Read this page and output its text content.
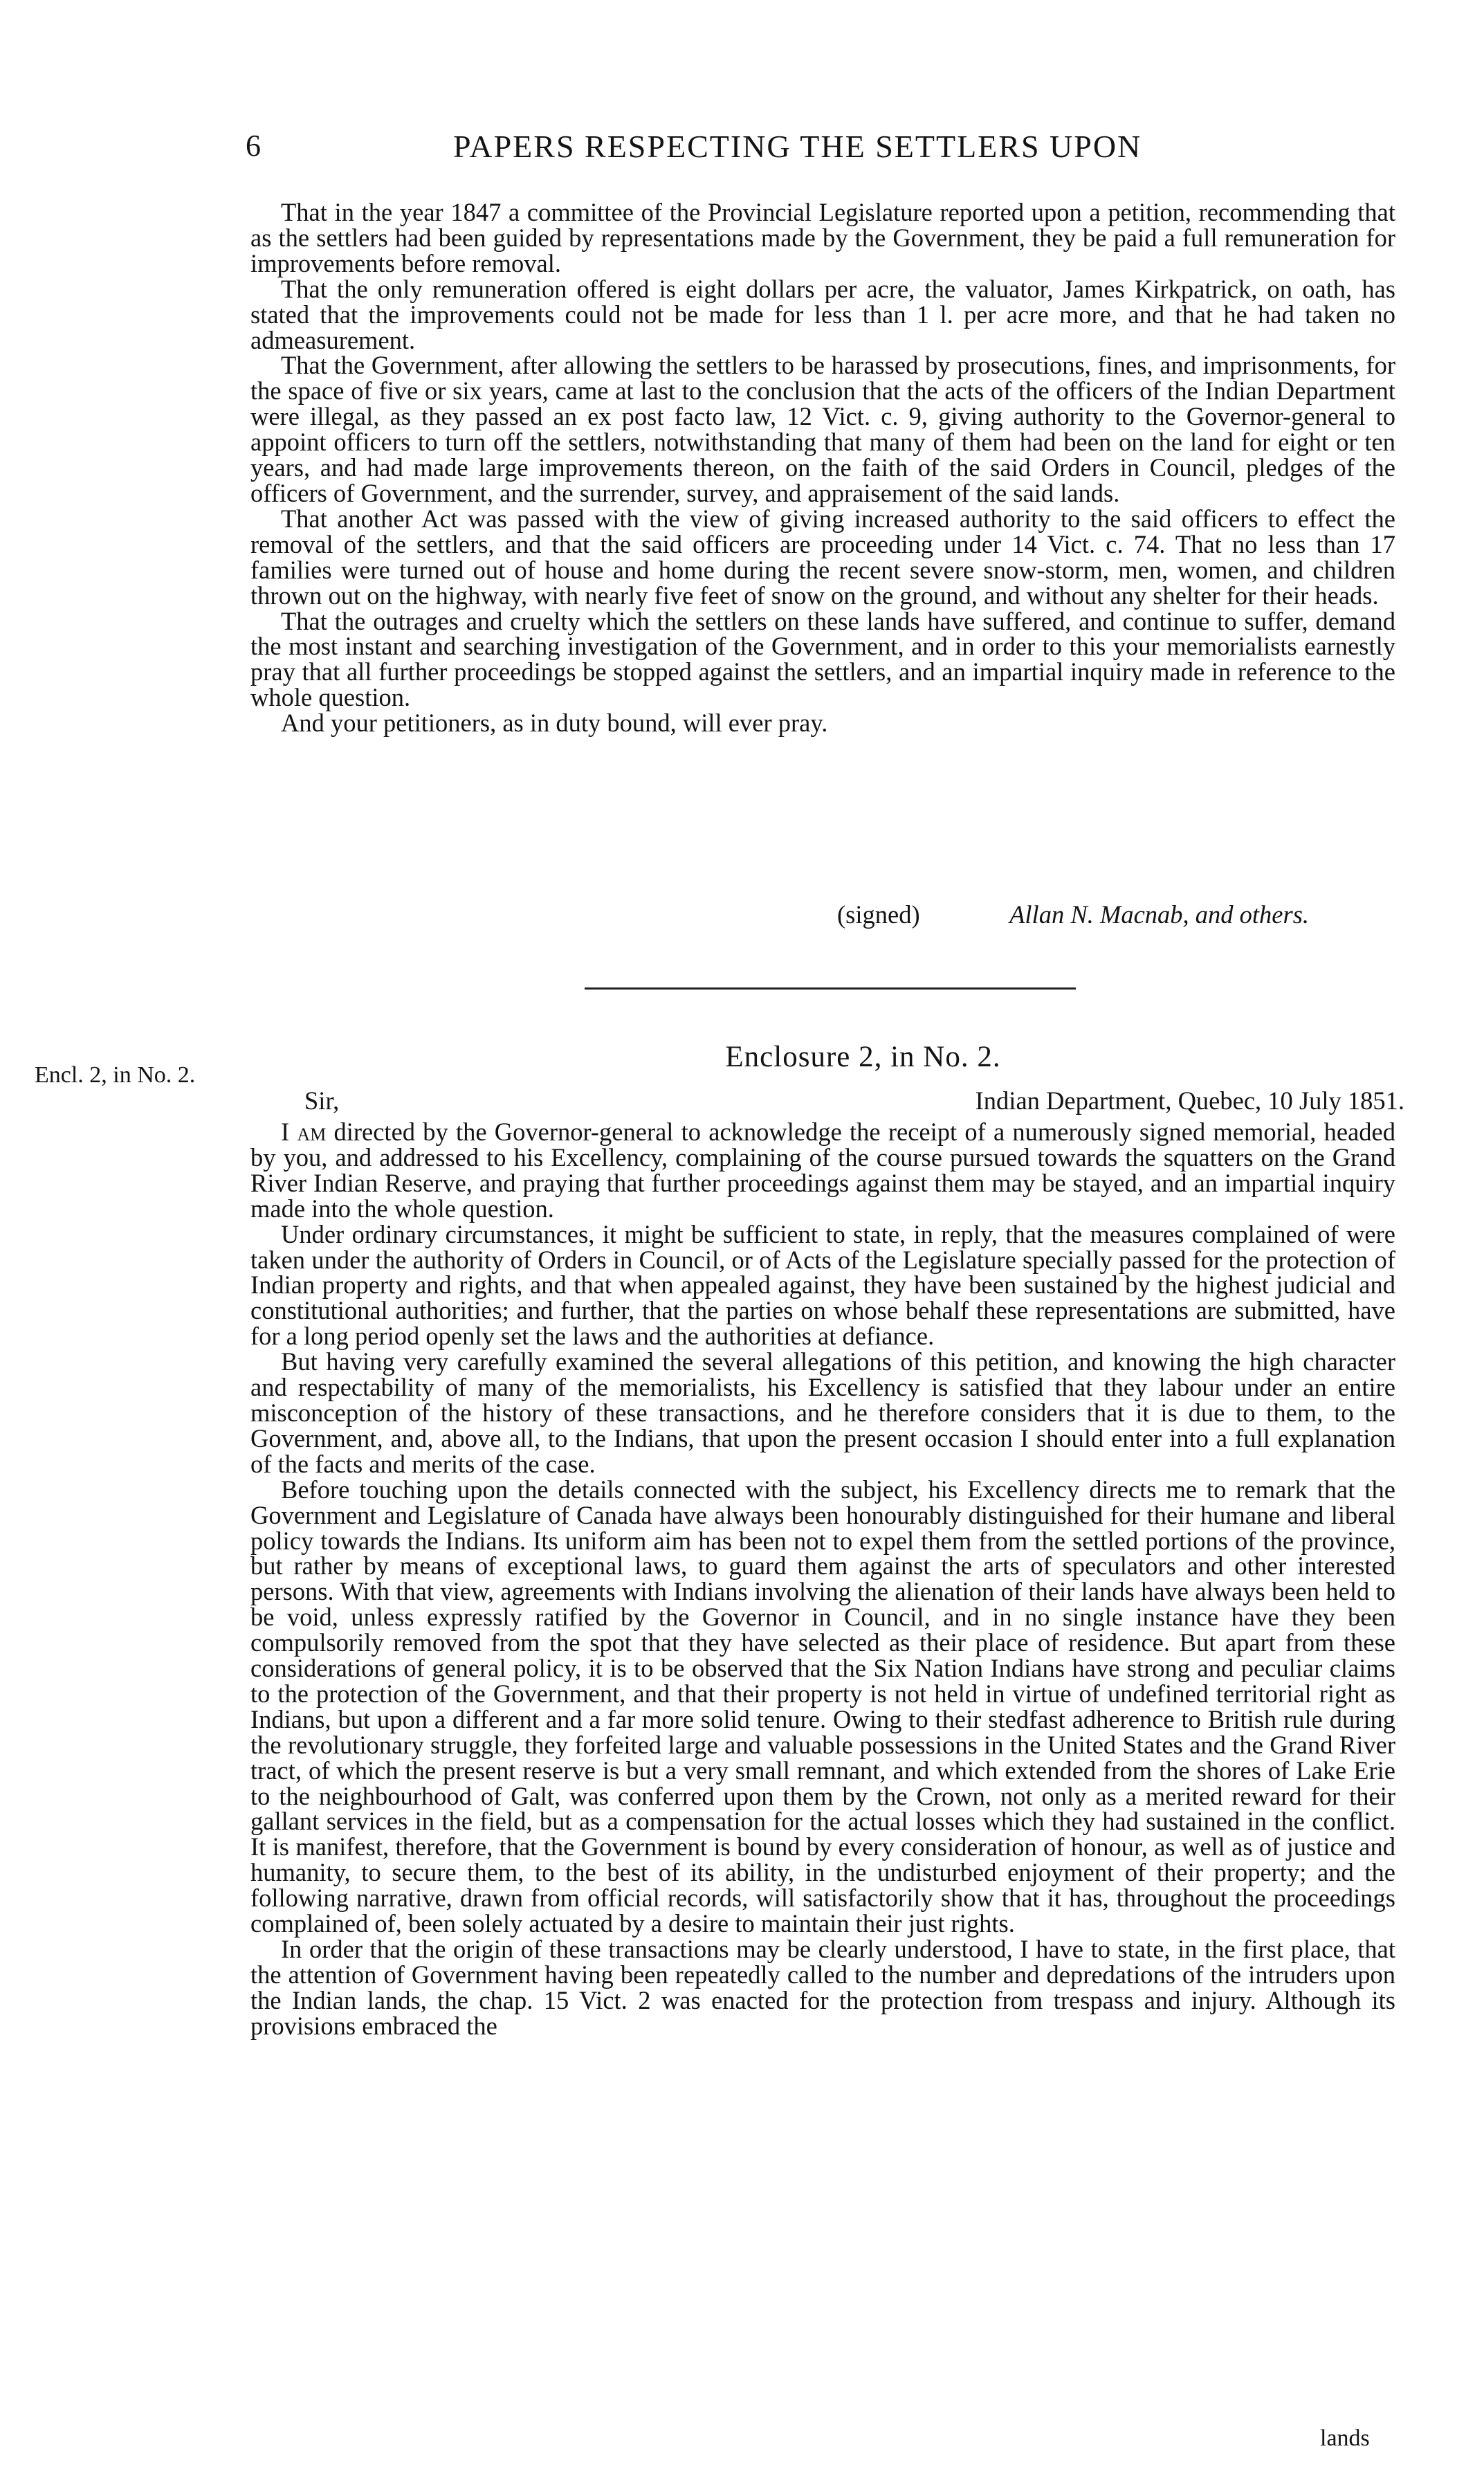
6	PAPERS RESPECTING THE SETTLERS UPON

That in the year 1847 a committee of the Provincial Legislature reported upon a petition, recommending that as the settlers had been guided by representations made by the Government, they be paid a full remuneration for improvements before removal.

That the only remuneration offered is eight dollars per acre, the valuator, James Kirkpatrick, on oath, has stated that the improvements could not be made for less than 1 l. per acre more, and that he had taken no admeasurement.

That the Government, after allowing the settlers to be harassed by prosecutions, fines, and imprisonments, for the space of five or six years, came at last to the conclusion that the acts of the officers of the Indian Department were illegal, as they passed an ex post facto law, 12 Vict. c. 9, giving authority to the Governor-general to appoint officers to turn off the settlers, notwithstanding that many of them had been on the land for eight or ten years, and had made large improvements thereon, on the faith of the said Orders in Council, pledges of the officers of Government, and the surrender, survey, and appraisement of the said lands.

That another Act was passed with the view of giving increased authority to the said officers to effect the removal of the settlers, and that the said officers are proceeding under 14 Vict. c. 74. That no less than 17 families were turned out of house and home during the recent severe snow-storm, men, women, and children thrown out on the highway, with nearly five feet of snow on the ground, and without any shelter for their heads.

That the outrages and cruelty which the settlers on these lands have suffered, and continue to suffer, demand the most instant and searching investigation of the Government, and in order to this your memorialists earnestly pray that all further proceedings be stopped against the settlers, and an impartial inquiry made in reference to the whole question.

And your petitioners, as in duty bound, will ever pray.

(signed)	Allan N. Macnab, and others.
Encl. 2, in No. 2.
Enclosure 2, in No. 2.
Sir,	Indian Department, Quebec, 10 July 1851.

I am directed by the Governor-general to acknowledge the receipt of a numerously signed memorial, headed by you, and addressed to his Excellency, complaining of the course pursued towards the squatters on the Grand River Indian Reserve, and praying that further proceedings against them may be stayed, and an impartial inquiry made into the whole question.

Under ordinary circumstances, it might be sufficient to state, in reply, that the measures complained of were taken under the authority of Orders in Council, or of Acts of the Legislature specially passed for the protection of Indian property and rights, and that when appealed against, they have been sustained by the highest judicial and constitutional authorities; and further, that the parties on whose behalf these representations are submitted, have for a long period openly set the laws and the authorities at defiance.

But having very carefully examined the several allegations of this petition, and knowing the high character and respectability of many of the memorialists, his Excellency is satisfied that they labour under an entire misconception of the history of these transactions, and he therefore considers that it is due to them, to the Government, and, above all, to the Indians, that upon the present occasion I should enter into a full explanation of the facts and merits of the case.

Before touching upon the details connected with the subject, his Excellency directs me to remark that the Government and Legislature of Canada have always been honourably distinguished for their humane and liberal policy towards the Indians. Its uniform aim has been not to expel them from the settled portions of the province, but rather by means of exceptional laws, to guard them against the arts of speculators and other interested persons. With that view, agreements with Indians involving the alienation of their lands have always been held to be void, unless expressly ratified by the Governor in Council, and in no single instance have they been compulsorily removed from the spot that they have selected as their place of residence. But apart from these considerations of general policy, it is to be observed that the Six Nation Indians have strong and peculiar claims to the protection of the Government, and that their property is not held in virtue of undefined territorial right as Indians, but upon a different and a far more solid tenure. Owing to their stedfast adherence to British rule during the revolutionary struggle, they forfeited large and valuable possessions in the United States and the Grand River tract, of which the present reserve is but a very small remnant, and which extended from the shores of Lake Erie to the neighbourhood of Galt, was conferred upon them by the Crown, not only as a merited reward for their gallant services in the field, but as a compensation for the actual losses which they had sustained in the conflict. It is manifest, therefore, that the Government is bound by every consideration of honour, as well as of justice and humanity, to secure them, to the best of its ability, in the undisturbed enjoyment of their property; and the following narrative, drawn from official records, will satisfactorily show that it has, throughout the proceedings complained of, been solely actuated by a desire to maintain their just rights.

In order that the origin of these transactions may be clearly understood, I have to state, in the first place, that the attention of Government having been repeatedly called to the number and depredations of the intruders upon the Indian lands, the chap. 15 Vict. 2 was enacted for the protection from trespass and injury. Although its provisions embraced the

lands
